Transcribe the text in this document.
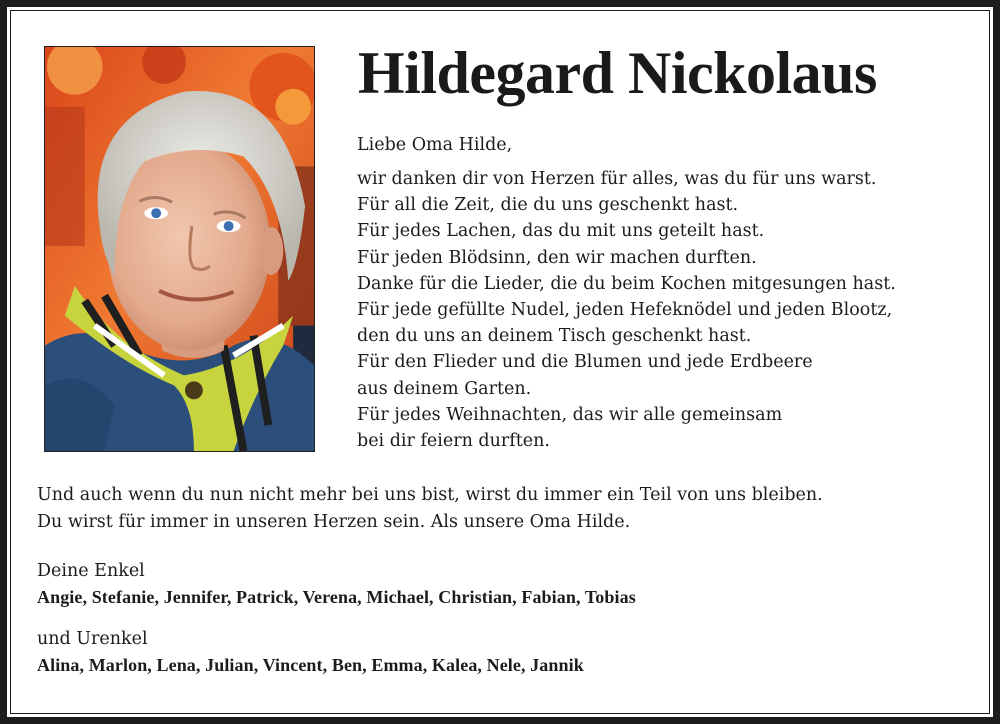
Hildegard Nickolaus
Liebe Oma Hilde,
wir danken dir von Herzen für alles, was du für uns warst.
Für all die Zeit, die du uns geschenkt hast.
Für jedes Lachen, das du mit uns geteilt hast.
Für jeden Blödsinn, den wir machen durften.
Danke für die Lieder, die du beim Kochen mitgesungen hast.
Für jede gefüllte Nudel, jeden Hefeknödel und jeden Blootz,
den du uns an deinem Tisch geschenkt hast.
Für den Flieder und die Blumen und jede Erdbeere
aus deinem Garten.
Für jedes Weihnachten, das wir alle gemeinsam
bei dir feiern durften.
Und auch wenn du nun nicht mehr bei uns bist, wirst du immer ein Teil von uns bleiben.
Du wirst für immer in unseren Herzen sein. Als unsere Oma Hilde.
Deine Enkel
Angie, Stefanie, Jennifer, Patrick, Verena, Michael, Christian, Fabian, Tobias
und Urenkel
Alina, Marlon, Lena, Julian, Vincent, Ben, Emma, Kalea, Nele, Jannik
